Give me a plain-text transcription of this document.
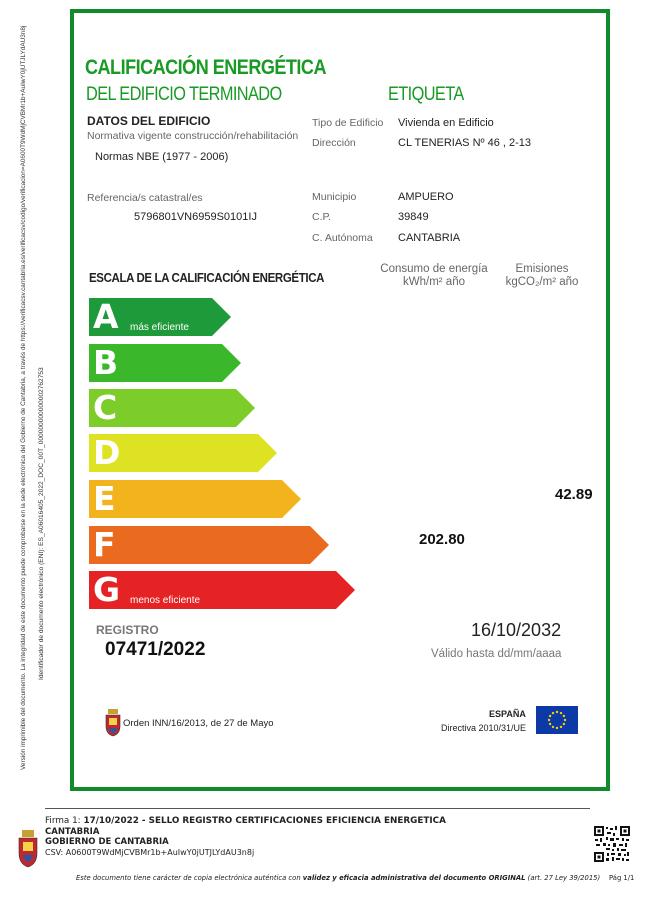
Versión imprimible del documento. La integridad de este documento puede comprobarse en la sede electrónica del Gobierno de Cantabria, a través de https://verificacsv.cantabria.es/verificacsv/codigo/verificacion=A0600T9WdMjCVBMr1b+AuIwY0jUTJLYdAU3n8j Identificador de documento electrónico (ENI): ES_A06016405_2022_DOC_00T_000000000000002762753
CALIFICACIÓN ENERGÉTICA
DEL EDIFICIO TERMINADO	ETIQUETA
DATOS DEL EDIFICIO
Normativa vigente construcción/rehabilitación
Normas NBE (1977 - 2006)
Referencia/s catastral/es
5796801VN6959S0101IJ
Tipo de Edificio Vivienda en Edificio
Dirección	CL TENERIAS Nº 46 , 2-13
Municipio	AMPUERO
C.P.	39849
C. Autónoma CANTABRIA
ESCALA DE LA CALIFICACIÓN ENERGÉTICA
Consumo de energía
kWh/m² año
Emisiones
kgCO₂/m² año
A más eficiente
B
C
D
E
F
G menos eficiente
202.80
42.89
REGISTRO
07471/2022
16/10/2032
Válido hasta dd/mm/aaaa
Orden INN/16/2013, de 27 de Mayo
ESPAÑA
Directiva 2010/31/UE
Firma 1: 17/10/2022 - SELLO REGISTRO CERTIFICACIONES EFICIENCIA ENERGETICA
CANTABRIA
GOBIERNO DE CANTABRIA
CSV: A0600T9WdMjCVBMr1b+AuIwY0jUTJLYdAU3n8j
Este documento tiene carácter de copia electrónica auténtica con validez y eficacia administrativa del documento ORIGINAL (art. 27 Ley 39/2015) Pág 1/1
